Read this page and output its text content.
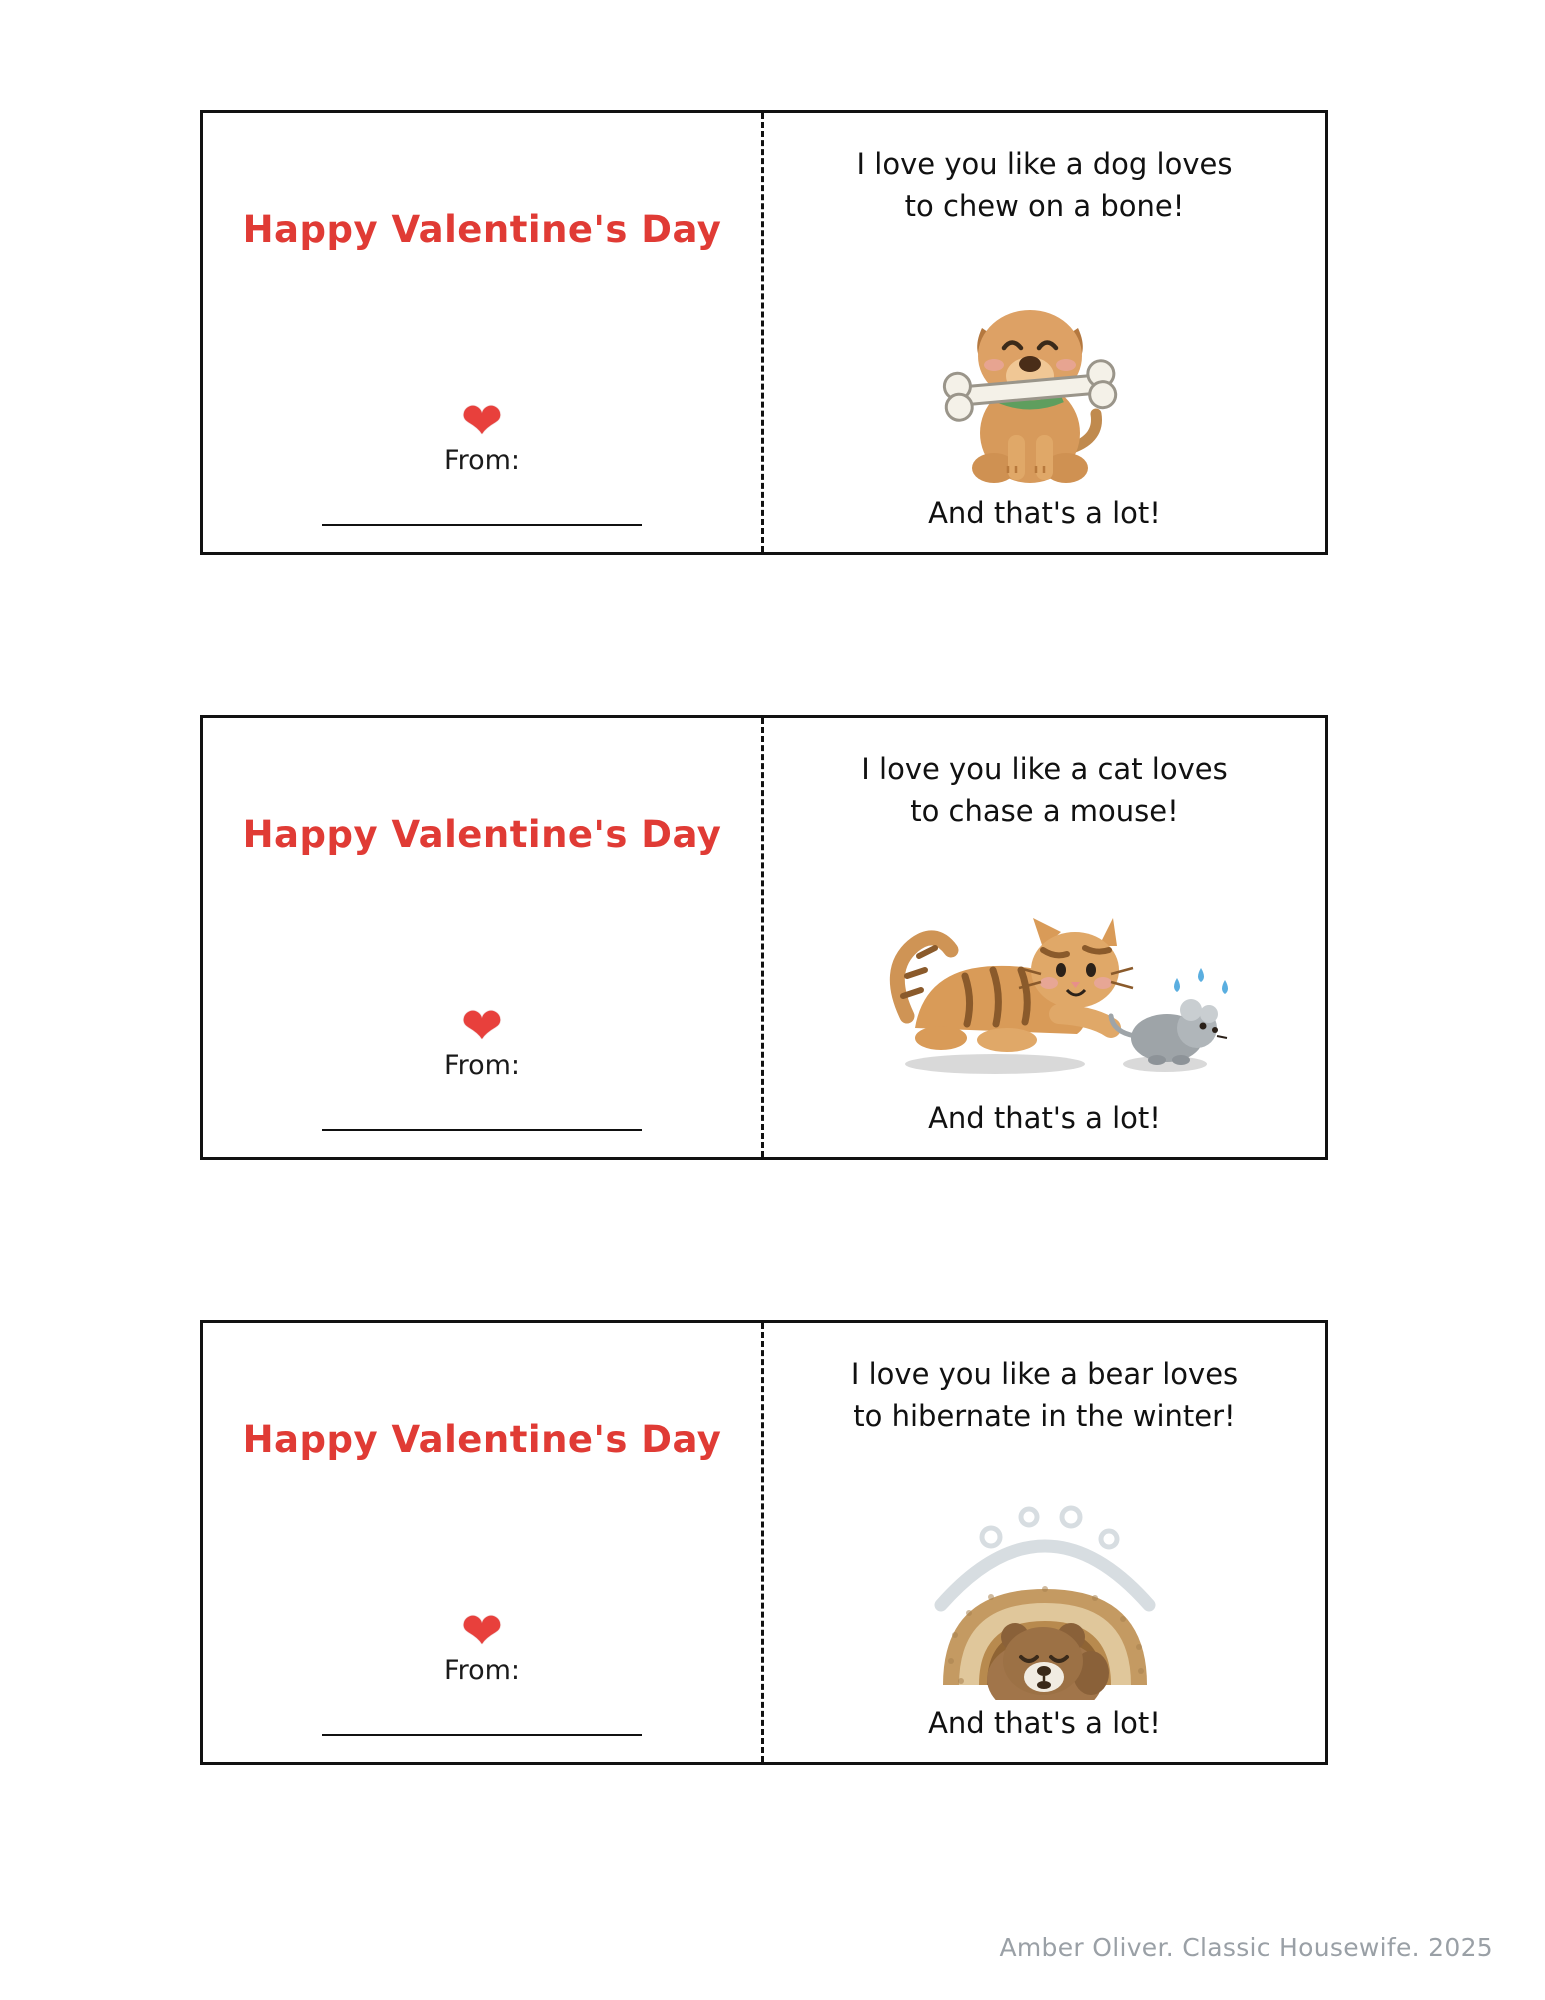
Happy Valentine's Day
❤
From:
I love you like a dog loves
to chew on a bone!
And that's a lot!
Happy Valentine's Day
❤
From:
I love you like a cat loves
to chase a mouse!
And that's a lot!
Happy Valentine's Day
❤
From:
I love you like a bear loves
to hibernate in the winter!
And that's a lot!
Amber Oliver. Classic Housewife. 2025
